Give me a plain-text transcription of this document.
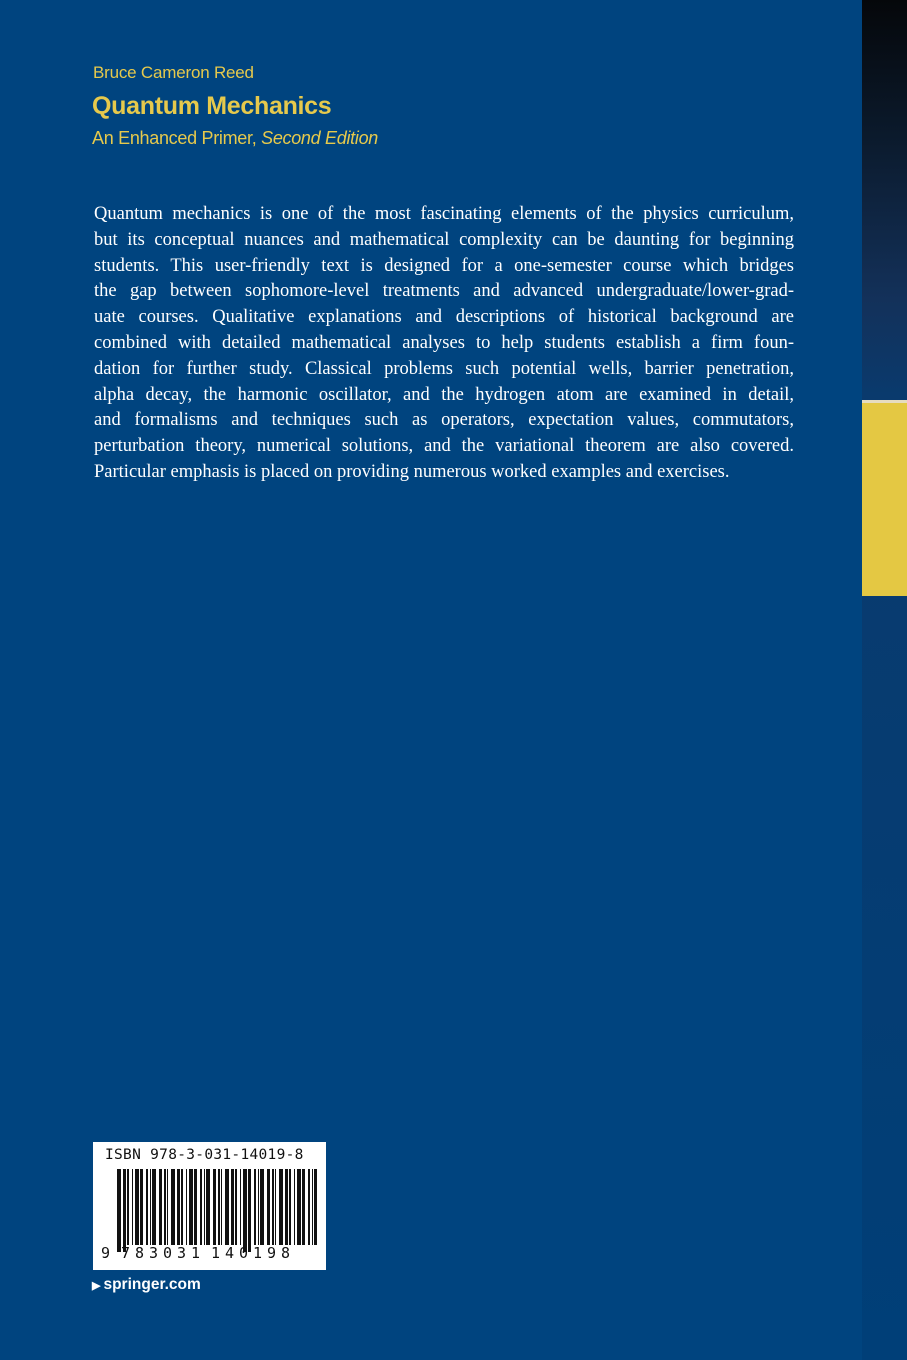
Bruce Cameron Reed
Quantum Mechanics
An Enhanced Primer, Second Edition
Quantum mechanics is one of the most fascinating elements of the physics curriculum,
but its conceptual nuances and mathematical complexity can be daunting for beginning
students. This user-friendly text is designed for a one-semester course which bridges
the gap between sophomore-level treatments and advanced undergraduate/lower-grad-
uate courses. Qualitative explanations and descriptions of historical background are
combined with detailed mathematical analyses to help students establish a firm foun-
dation for further study. Classical problems such potential wells, barrier penetration,
alpha decay, the harmonic oscillator, and the hydrogen atom are examined in detail,
and formalisms and techniques such as operators, expectation values, commutators,
perturbation theory, numerical solutions, and the variational theorem are also covered.
Particular emphasis is placed on providing numerous worked examples and exercises.
ISBN 978-3-031-14019-8
9 7 8 3 0 3 1 1 4 0 1 9 8
▶ springer.com
